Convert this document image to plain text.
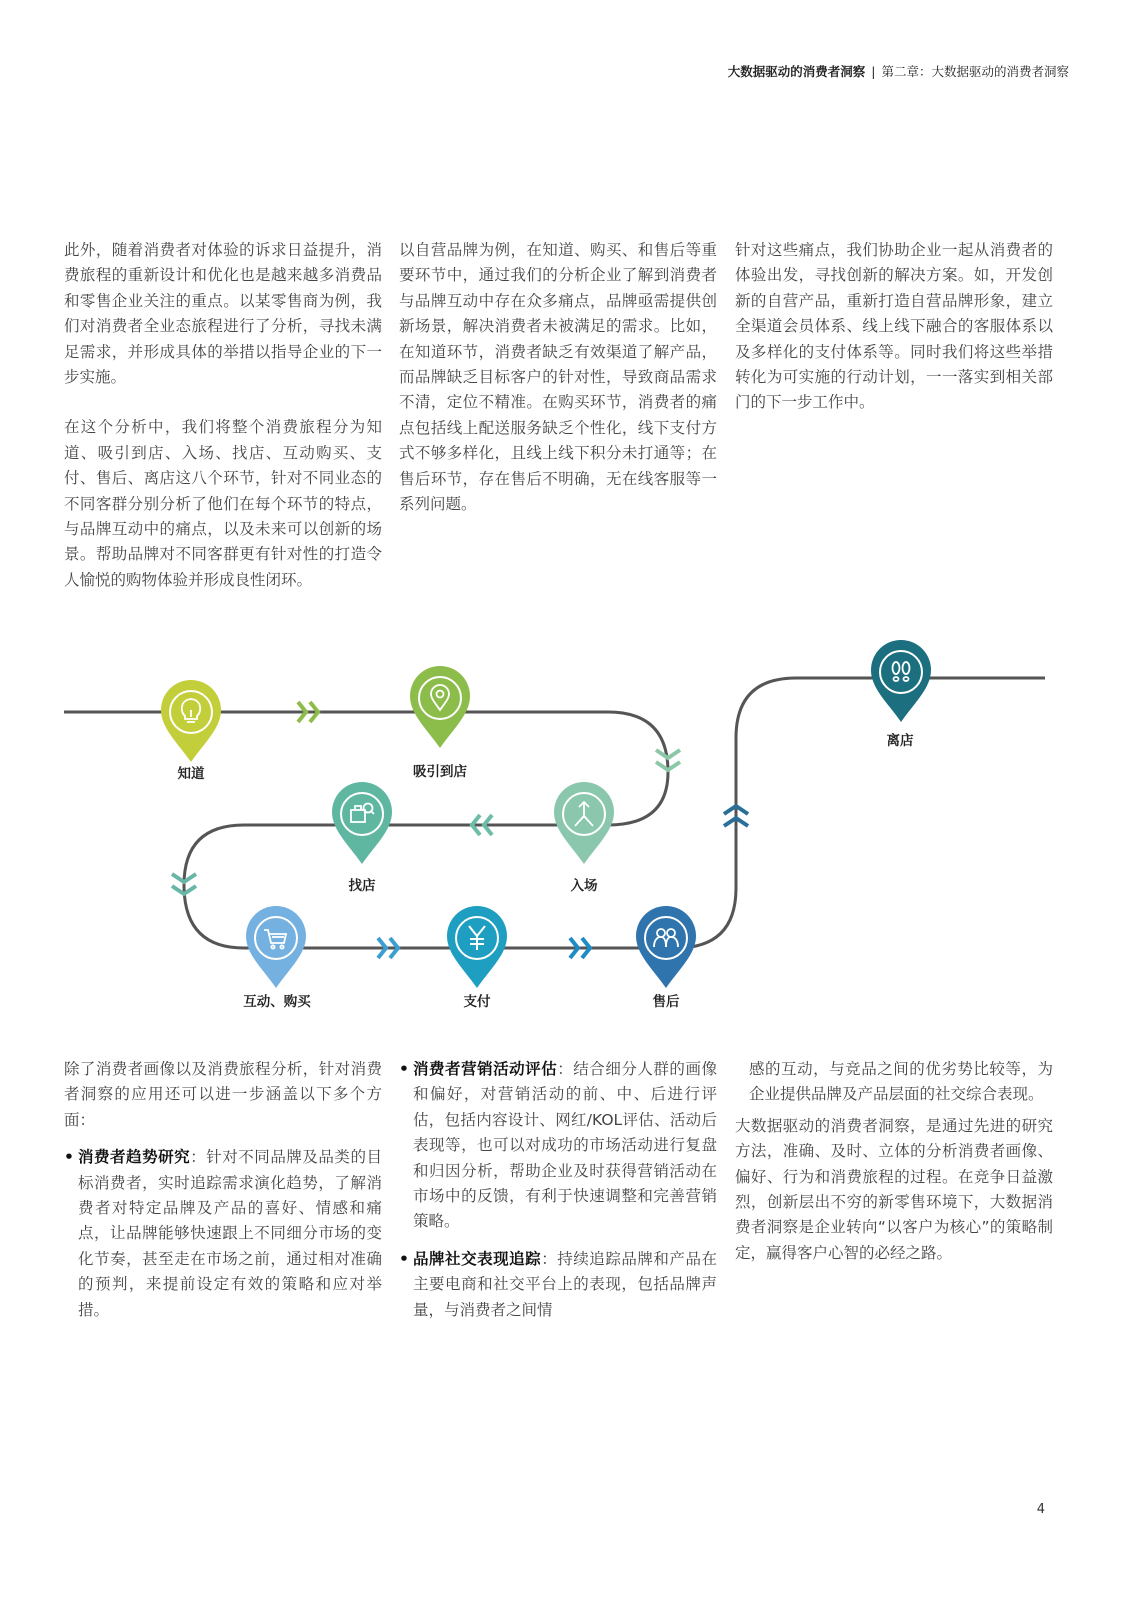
大数据驱动的消费者洞察 | 第二章：大数据驱动的消费者洞察

此外，随着消费者对体验的诉求日益提升，消费旅程的重新设计和优化也是越来越多消费品和零售企业关注的重点。以某零售商为例，我们对消费者全业态旅程进行了分析，寻找未满足需求，并形成具体的举措以指导企业的下一步实施。

在这个分析中，我们将整个消费旅程分为知道、吸引到店、入场、找店、互动购买、支付、售后、离店这八个环节，针对不同业态的不同客群分别分析了他们在每个环节的特点，与品牌互动中的痛点，以及未来可以创新的场景。帮助品牌对不同客群更有针对性的打造令人愉悦的购物体验并形成良性闭环。

以自营品牌为例，在知道、购买、和售后等重要环节中，通过我们的分析企业了解到消费者与品牌互动中存在众多痛点，品牌亟需提供创新场景，解决消费者未被满足的需求。比如，在知道环节，消费者缺乏有效渠道了解产品，而品牌缺乏目标客户的针对性，导致商品需求不清，定位不精准。在购买环节，消费者的痛点包括线上配送服务缺乏个性化，线下支付方式不够多样化，且线上线下积分未打通等；在售后环节，存在售后不明确，无在线客服等一系列问题。

针对这些痛点，我们协助企业一起从消费者的体验出发，寻找创新的解决方案。如，开发创新的自营产品，重新打造自营品牌形象，建立全渠道会员体系、线上线下融合的客服体系以及多样化的支付体系等。同时我们将这些举措转化为可实施的行动计划，一一落实到相关部门的下一步工作中。

知道	吸引到店
入场
找店
互动、购买	支付	售后
离店

除了消费者画像以及消费旅程分析，针对消费者洞察的应用还可以进一步涵盖以下多个方面：

• 消费者趋势研究：针对不同品牌及品类的目标消费者，实时追踪需求演化趋势，了解消费者对特定品牌及产品的喜好、情感和痛点，让品牌能够快速跟上不同细分市场的变化节奏，甚至走在市场之前，通过相对准确的预判，来提前设定有效的策略和应对举措。
• 消费者营销活动评估：结合细分人群的画像和偏好，对营销活动的前、中、后进行评估，包括内容设计、网红/KOL评估、活动后表现等，也可以对成功的市场活动进行复盘和归因分析，帮助企业及时获得营销活动在市场中的反馈，有利于快速调整和完善营销策略。
• 品牌社交表现追踪：持续追踪品牌和产品在主要电商和社交平台上的表现，包括品牌声量，与消费者之间情
感的互动，与竞品之间的优劣势比较等，为企业提供品牌及产品层面的社交综合表现。

大数据驱动的消费者洞察，是通过先进的研究方法，准确、及时、立体的分析消费者画像、偏好、行为和消费旅程的过程。在竞争日益激烈，创新层出不穷的新零售环境下，大数据消费者洞察是企业转向“以客户为核心”的策略制定，赢得客户心智的必经之路。

4
